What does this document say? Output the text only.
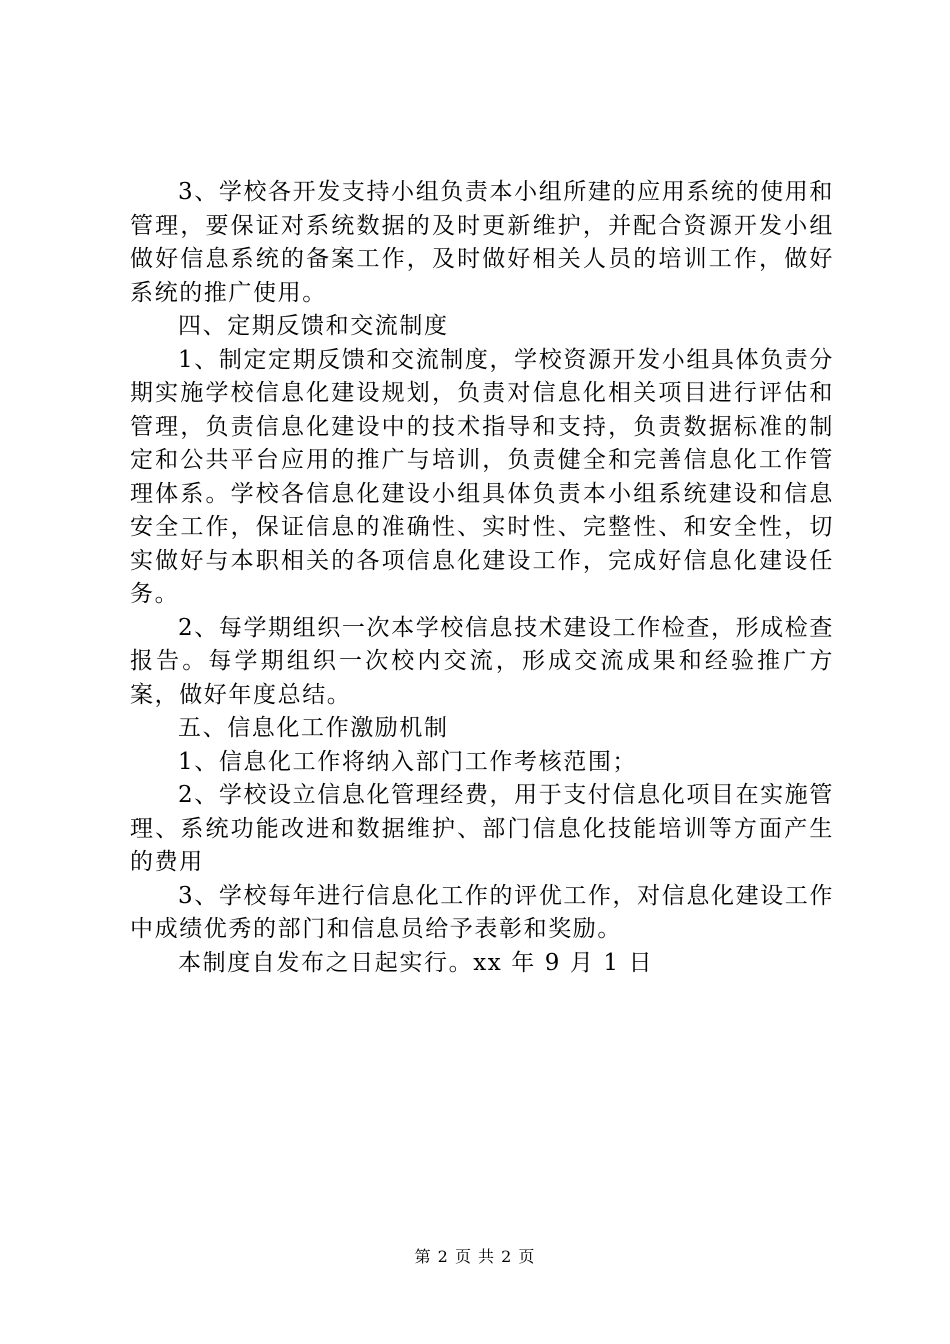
3、学校各开发支持小组负责本小组所建的应用系统的使用和管理，要保证对系统数据的及时更新维护，并配合资源开发小组做好信息系统的备案工作，及时做好相关人员的培训工作，做好系统的推广使用。

四、定期反馈和交流制度

1、制定定期反馈和交流制度，学校资源开发小组具体负责分期实施学校信息化建设规划，负责对信息化相关项目进行评估和管理，负责信息化建设中的技术指导和支持，负责数据标准的制定和公共平台应用的推广与培训，负责健全和完善信息化工作管理体系。学校各信息化建设小组具体负责本小组系统建设和信息安全工作，保证信息的准确性、实时性、完整性、和安全性，切实做好与本职相关的各项信息化建设工作，完成好信息化建设任务。

2、每学期组织一次本学校信息技术建设工作检查，形成检查报告。每学期组织一次校内交流，形成交流成果和经验推广方案，做好年度总结。

五、信息化工作激励机制

1、信息化工作将纳入部门工作考核范围；

2、学校设立信息化管理经费，用于支付信息化项目在实施管理、系统功能改进和数据维护、部门信息化技能培训等方面产生的费用

3、学校每年进行信息化工作的评优工作，对信息化建设工作中成绩优秀的部门和信息员给予表彰和奖励。

本制度自发布之日起实行。xx 年 9 月 1 日

第 2 页 共 2 页
